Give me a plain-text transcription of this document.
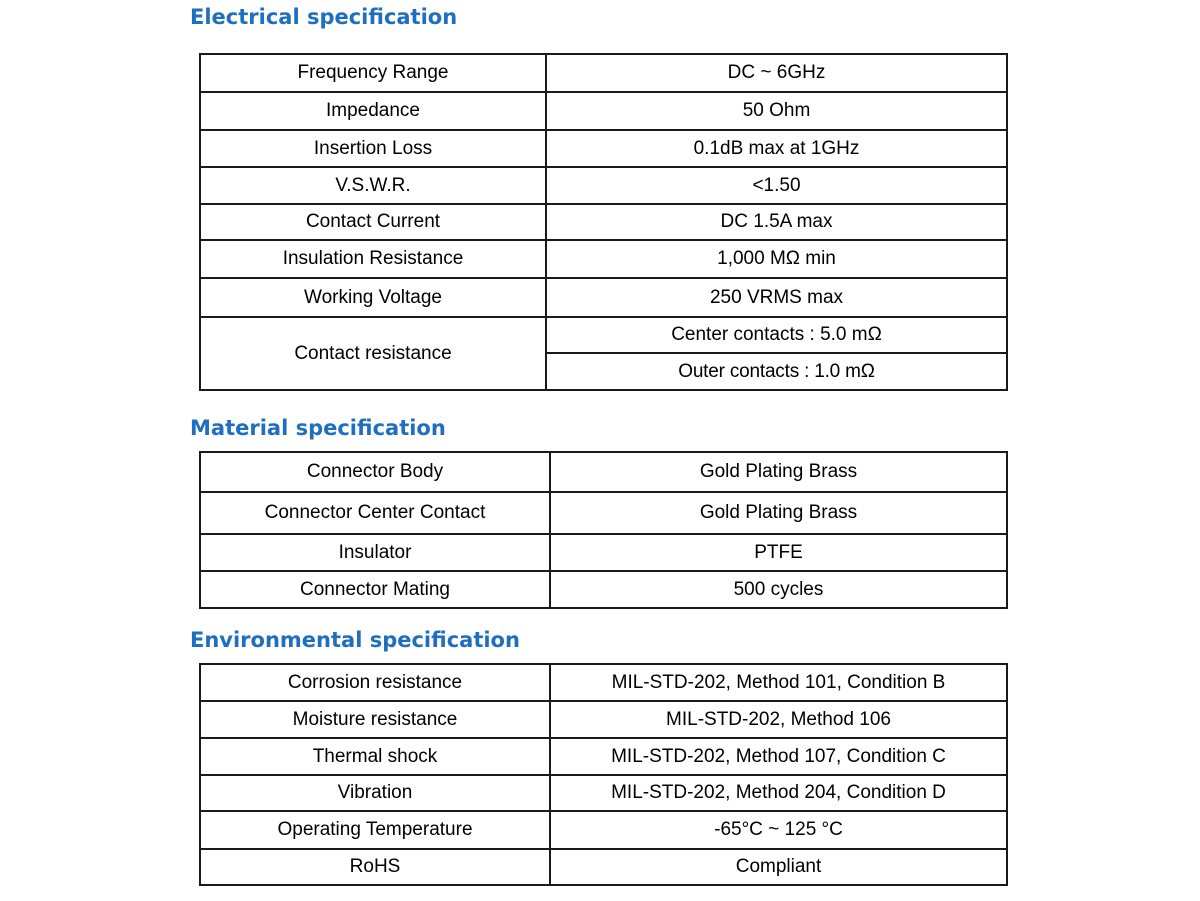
Electrical specification
Frequency Range	DC ~ 6GHz
Impedance	50 Ohm
Insertion Loss	0.1dB max at 1GHz
V.S.W.R.	<1.50
Contact Current	DC 1.5A max
Insulation Resistance	1,000 MΩ min
Working Voltage	250 VRMS max
Contact resistance	Center contacts : 5.0 mΩ
	Outer contacts : 1.0 mΩ
Material specification
Connector Body	Gold Plating Brass
Connector Center Contact	Gold Plating Brass
Insulator	PTFE
Connector Mating	500 cycles
Environmental specification
Corrosion resistance	MIL-STD-202, Method 101, Condition B
Moisture resistance	MIL-STD-202, Method 106
Thermal shock	MIL-STD-202, Method 107, Condition C
Vibration	MIL-STD-202, Method 204, Condition D
Operating Temperature	-65°C ~ 125 °C
RoHS	Compliant
